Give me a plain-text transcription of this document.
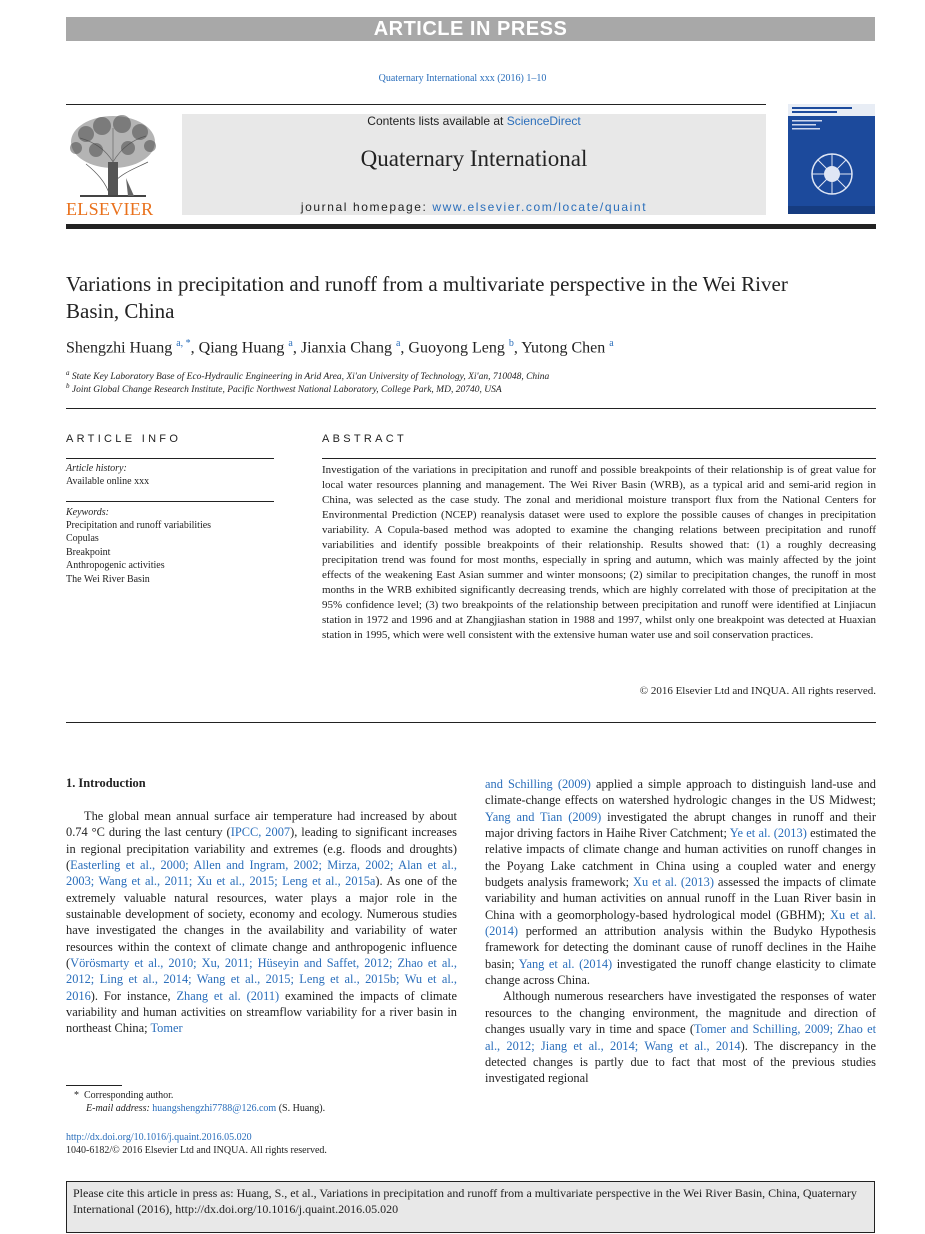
ARTICLE IN PRESS
Quaternary International xxx (2016) 1–10
Contents lists available at ScienceDirect
Quaternary International
journal homepage: www.elsevier.com/locate/quaint
ELSEVIER
Variations in precipitation and runoff from a multivariate perspective in the Wei River Basin, China
Shengzhi Huang $^{a, *}$, Qiang Huang $^a$, Jianxia Chang $^a$, Guoyong Leng $^b$, Yutong Chen $^a$
$^a$ State Key Laboratory Base of Eco-Hydraulic Engineering in Arid Area, Xi'an University of Technology, Xi'an, 710048, China
$^b$ Joint Global Change Research Institute, Pacific Northwest National Laboratory, College Park, MD, 20740, USA
ARTICLE INFO
Article history:
Available online xxx
Keywords:
Precipitation and runoff variabilities
Copulas
Breakpoint
Anthropogenic activities
The Wei River Basin
ABSTRACT
Investigation of the variations in precipitation and runoff and possible breakpoints of their relationship is of great value for local water resources planning and management. The Wei River Basin (WRB), as a typical arid and semi-arid region in China, was selected as the case study. The zonal and meridional moisture transport flux from the National Centers for Environmental Prediction (NCEP) reanalysis dataset were used to explore the possible causes of changes in precipitation variability. A Copula-based method was adopted to examine the changing relations between precipitation and runoff variabilities and identify possible breakpoints of their relationship. Results showed that: (1) a roughly decreasing precipitation trend was found for most months, especially in spring and autumn, which was mainly affected by the joint effects of the weakening East Asian summer and winter monsoons; (2) similar to precipitation changes, the runoff in most months in the WRB exhibited significantly decreasing trends, which are highly correlated with those of precipitation at the 95% confidence level; (3) two breakpoints of the relationship between precipitation and runoff were identified at Linjiacun station in 1972 and 1996 and at Zhangjiashan station in 1988 and 1997, whilst only one breakpoint was detected at Huaxian station in 1995, which were well consistent with the extensive human water use and soil conservation practices.
© 2016 Elsevier Ltd and INQUA. All rights reserved.
1. Introduction

The global mean annual surface air temperature had increased by about 0.74 °C during the last century (IPCC, 2007), leading to significant increases in regional precipitation variability and extremes (e.g. floods and droughts) (Easterling et al., 2000; Allen and Ingram, 2002; Mirza, 2002; Alan et al., 2003; Wang et al., 2011; Xu et al., 2015; Leng et al., 2015a). As one of the extremely valuable natural resources, water plays a major role in the sustainable development of society, economy and ecology. Numerous studies have investigated the changes in the availability and variability of water resources within the context of climate change and anthropogenic influence (Vörösmarty et al., 2010; Xu, 2011; Hüseyin and Saffet, 2012; Zhao et al., 2012; Ling et al., 2014; Wang et al., 2015; Leng et al., 2015b; Wu et al., 2016). For instance, Zhang et al. (2011) examined the impacts of climate variability and human activities on streamflow variability for a river basin in northeast China; Tomer

and Schilling (2009) applied a simple approach to distinguish land-use and climate-change effects on watershed hydrologic changes in the US Midwest; Yang and Tian (2009) investigated the abrupt changes in runoff and their major driving factors in Haihe River Catchment; Ye et al. (2013) estimated the relative impacts of climate change and human activities on runoff changes in the Poyang Lake catchment in China using a coupled water and energy budgets analysis framework; Xu et al. (2013) assessed the impacts of climate variability and human activities on annual runoff in the Luan River basin in China with a geomorphology-based hydrological model (GBHM); Xu et al. (2014) performed an attribution analysis within the Budyko Hypothesis framework for detecting the dominant cause of runoff declines in the Haihe basin; Yang et al. (2014) investigated the runoff change elasticity to climate change across China.

Although numerous researchers have investigated the responses of water resources to the changing environment, the magnitude and direction of changes usually vary in time and space (Tomer and Schilling, 2009; Zhao et al., 2012; Jiang et al., 2014; Wang et al., 2014). The discrepancy in the detected changes is partly due to fact that most of the previous studies investigated regional

* Corresponding author.
E-mail address: huangshengzhi7788@126.com (S. Huang).
http://dx.doi.org/10.1016/j.quaint.2016.05.020
1040-6182/© 2016 Elsevier Ltd and INQUA. All rights reserved.
Please cite this article in press as: Huang, S., et al., Variations in precipitation and runoff from a multivariate perspective in the Wei River Basin, China, Quaternary International (2016), http://dx.doi.org/10.1016/j.quaint.2016.05.020
